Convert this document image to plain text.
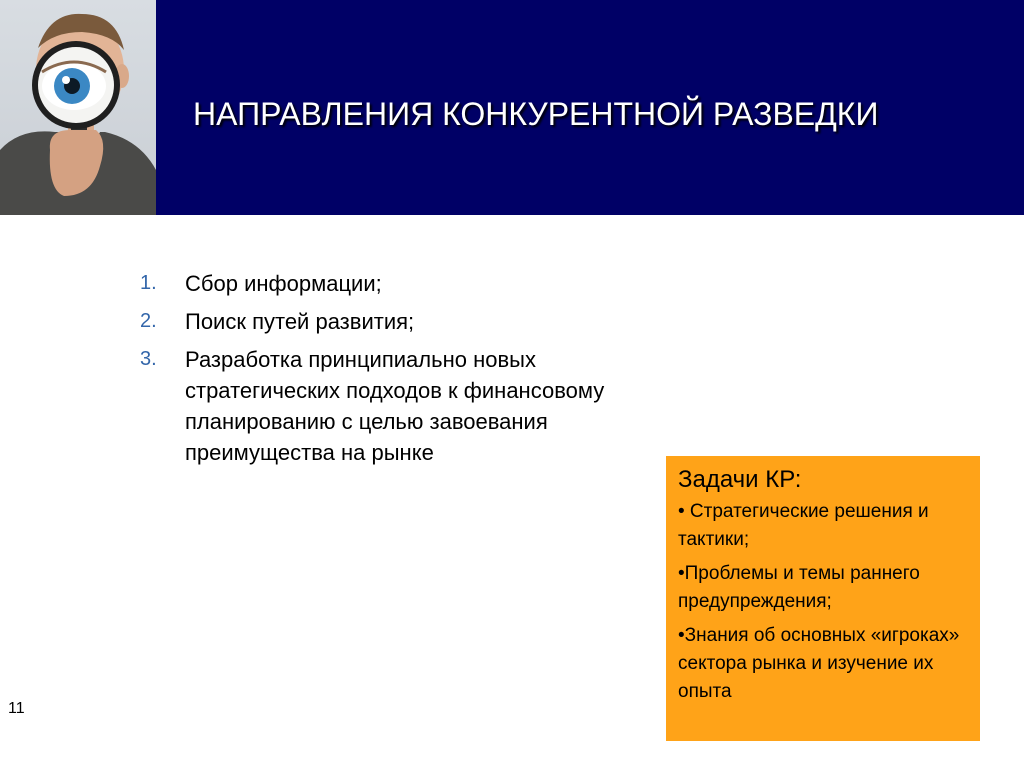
НАПРАВЛЕНИЯ КОНКУРЕНТНОЙ РАЗВЕДКИ
1. Сбор информации;
2. Поиск путей развития;
3. Разработка принципиально новых стратегических подходов к финансовому планированию с целью завоевания преимущества на рынке
Задачи КР:
• Стратегические решения и тактики;
•Проблемы и темы раннего предупреждения;
•Знания об основных «игроках» сектора рынка и изучение их опыта
11
